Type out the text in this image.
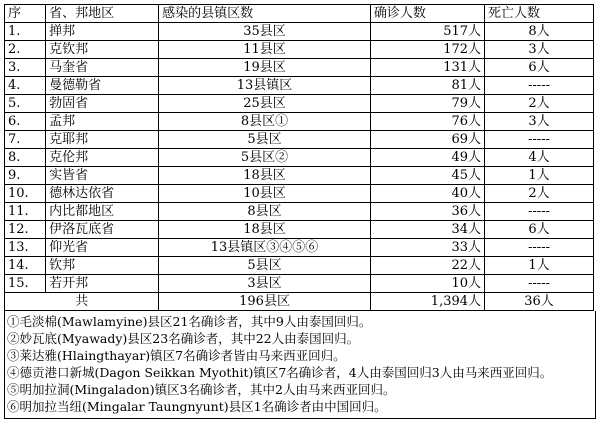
序	省、邦地区	感染的县镇区数	确诊人数	死亡人数
1.	掸邦	35县区	517人	8人
2.	克钦邦	11县区	172人	3人
3.	马奎省	19县区	131人	6人
4.	曼德勒省	13县镇区	81人	-----
5.	勃固省	25县区	79人	2人
6.	孟邦	8县区①	76人	3人
7.	克耶邦	5县区	69人	-----
8.	克伦邦	5县区②	49人	4人
9.	实皆省	18县区	45人	1人
10.	德林达依省	10县区	40人	2人
11.	内比都地区	8县区	36人	-----
12.	伊洛瓦底省	18县区	34人	6人
13.	仰光省	13县镇区③④⑤⑥	33人	-----
14.	钦邦	5县区	22人	1人
15.	若开邦	3县区	10人	-----
共		196县区	1,394人	36人
①毛淡棉(Mawlamyine)县区21名确诊者，其中9人由泰国回归。
②妙瓦底(Myawady)县区23名确诊者，其中22人由泰国回归。
③莱达雅(Hlaingthayar)镇区7名确诊者皆由马来西亚回归。
④德贡港口新城(Dagon Seikkan Myothit)镇区7名确诊者，4人由泰国回归3人由马来西亚回归。
⑤明加拉洞(Mingaladon)镇区3名确诊者，其中2人由马来西亚回归。
⑥明加拉当纽(Mingalar Taungnyunt)县区1名确诊者由中国回归。
